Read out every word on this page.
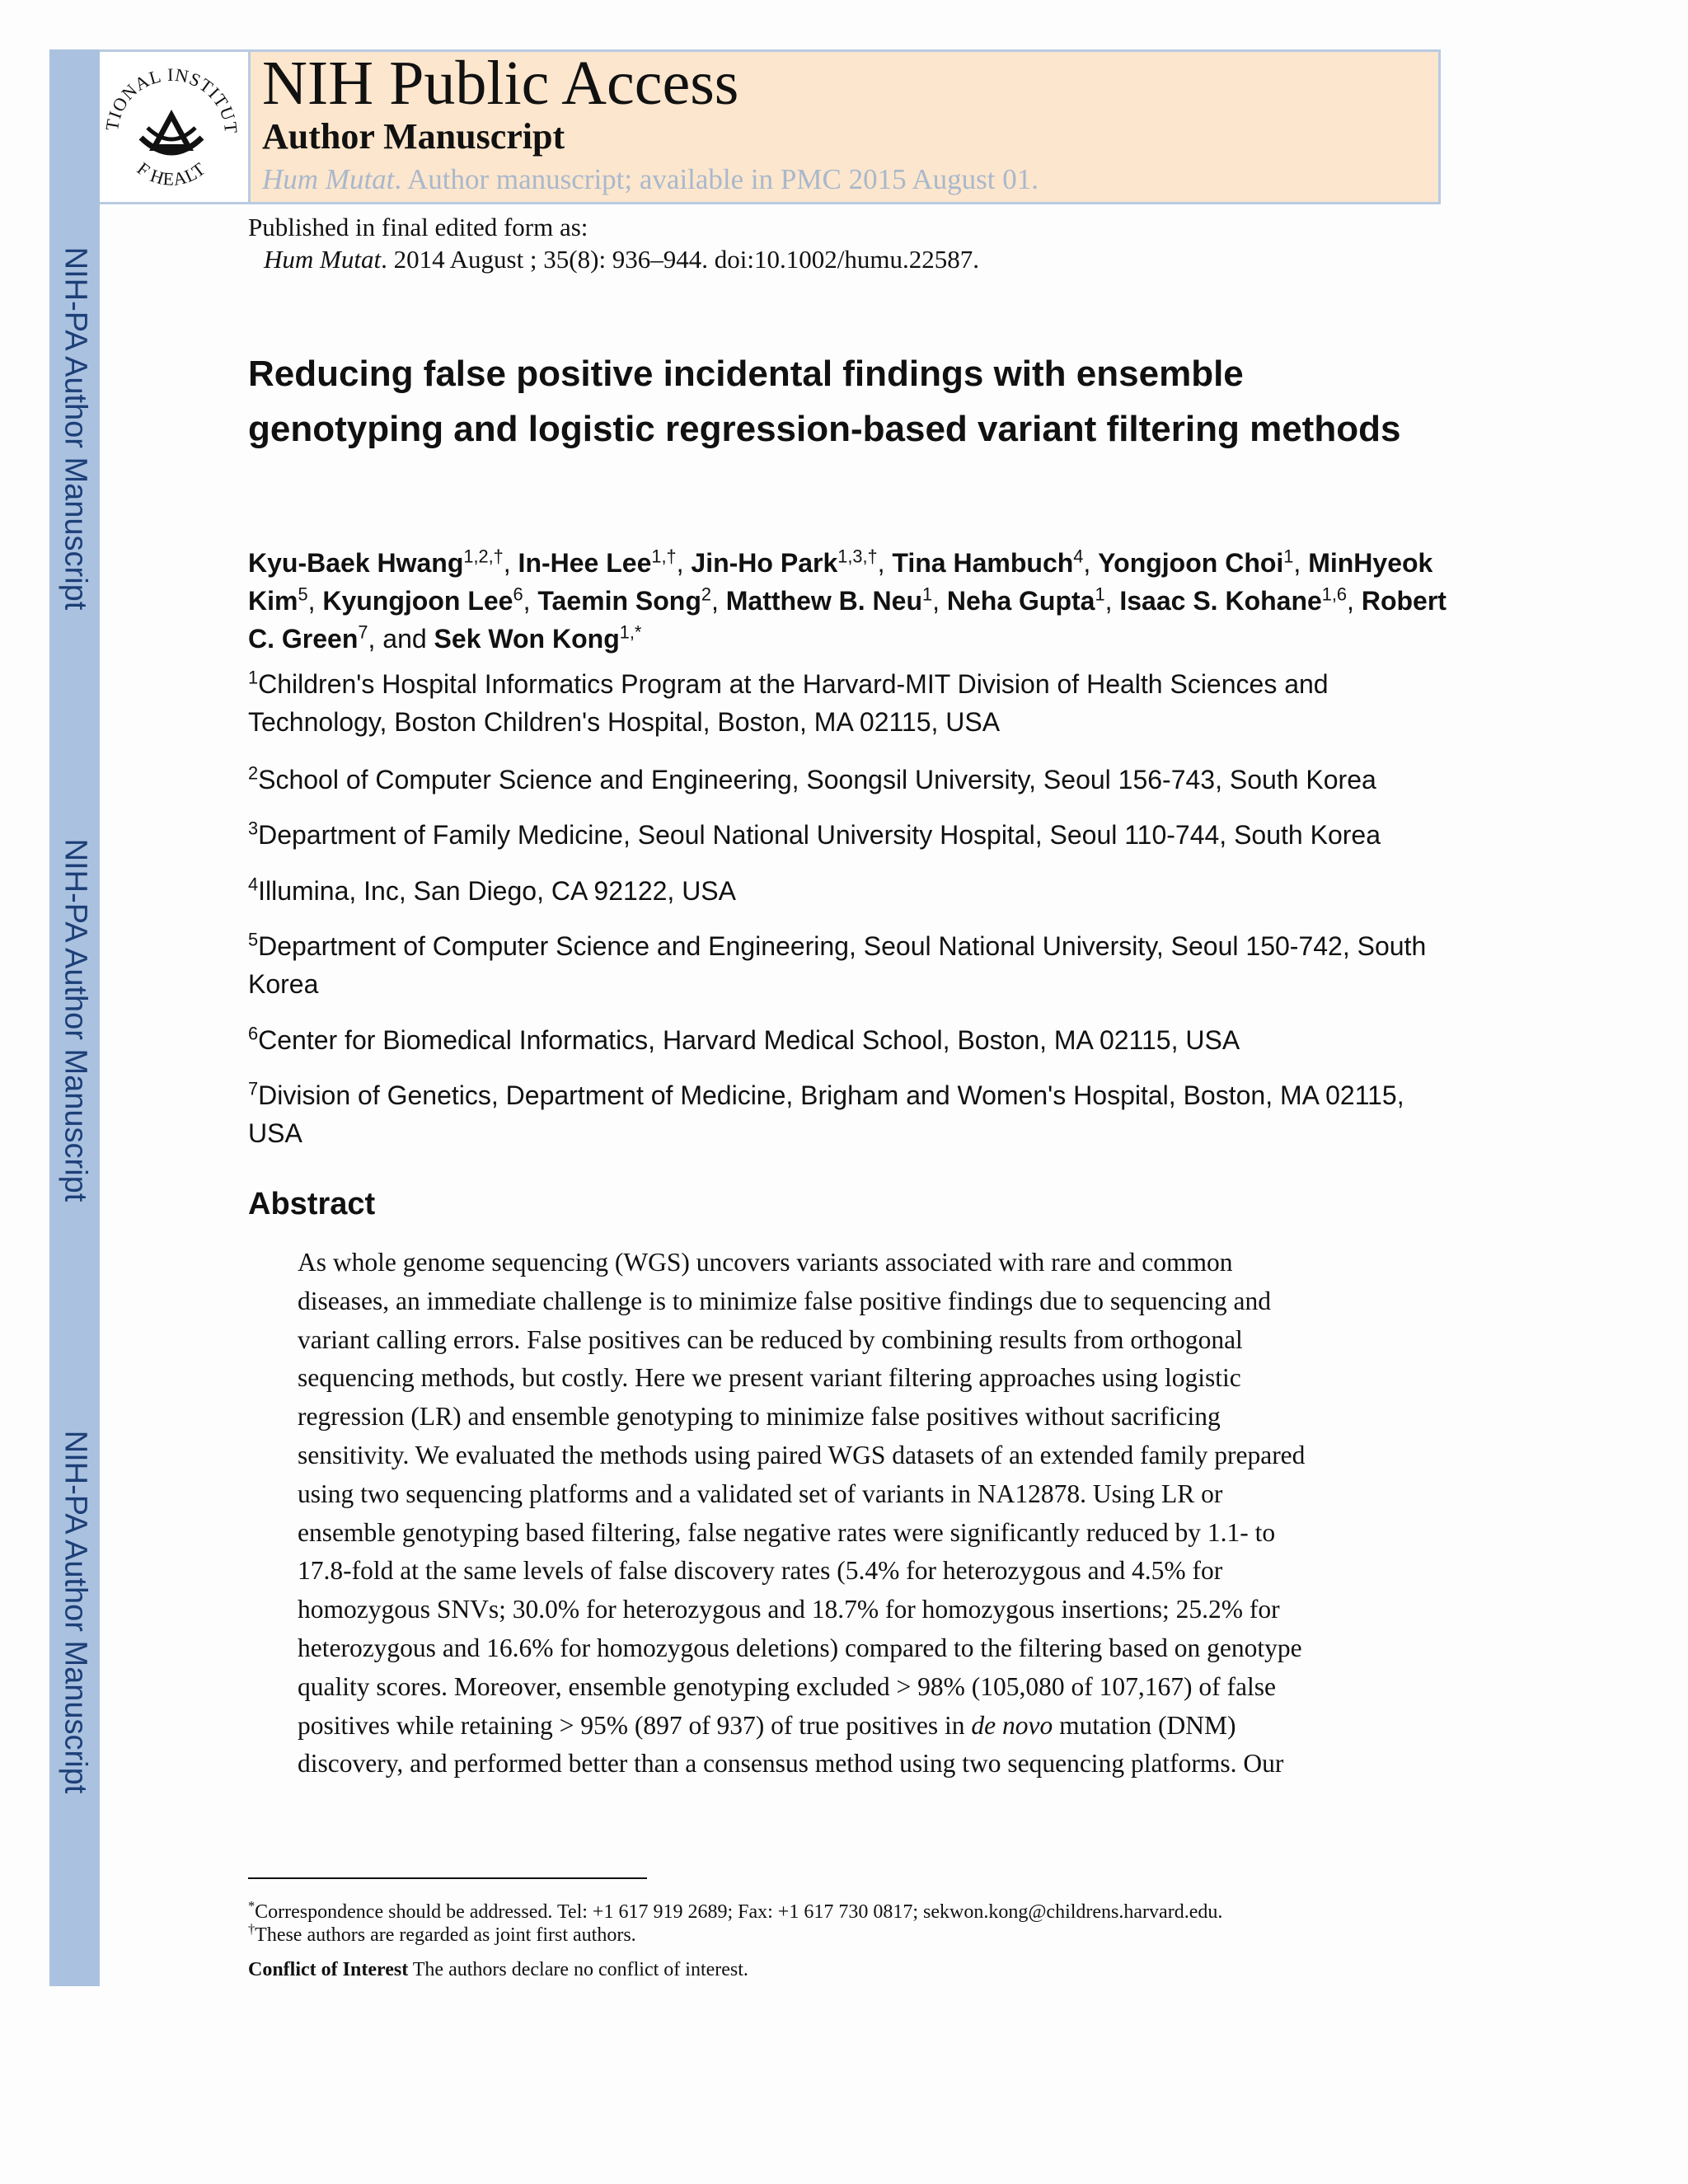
NIH-PA Author Manuscript
NIH-PA Author Manuscript
NIH-PA Author Manuscript
TIONAL INSTITUT
F HEALT
NIH Public Access
Author Manuscript
Hum Mutat. Author manuscript; available in PMC 2015 August 01.
Published in final edited form as:
Hum Mutat. 2014 August ; 35(8): 936–944. doi:10.1002/humu.22587.
Reducing false positive incidental findings with ensemble genotyping and logistic regression-based variant filtering methods
Kyu-Baek Hwang$^{1,2,\dagger}$, In-Hee Lee$^{1,\dagger}$, Jin-Ho Park$^{1,3,\dagger}$, Tina Hambuch$^4$, Yongjoon Choi$^1$, MinHyeok Kim$^5$, Kyungjoon Lee$^6$, Taemin Song$^2$, Matthew B. Neu$^1$, Neha Gupta$^1$, Isaac S. Kohane$^{1,6}$, Robert C. Green$^7$, and Sek Won Kong$^{1,*}$
$^1$Children's Hospital Informatics Program at the Harvard-MIT Division of Health Sciences and Technology, Boston Children's Hospital, Boston, MA 02115, USA
$^2$School of Computer Science and Engineering, Soongsil University, Seoul 156-743, South Korea
$^3$Department of Family Medicine, Seoul National University Hospital, Seoul 110-744, South Korea
$^4$Illumina, Inc, San Diego, CA 92122, USA
$^5$Department of Computer Science and Engineering, Seoul National University, Seoul 150-742, South Korea
$^6$Center for Biomedical Informatics, Harvard Medical School, Boston, MA 02115, USA
$^7$Division of Genetics, Department of Medicine, Brigham and Women's Hospital, Boston, MA 02115, USA
Abstract
As whole genome sequencing (WGS) uncovers variants associated with rare and common
diseases, an immediate challenge is to minimize false positive findings due to sequencing and
variant calling errors. False positives can be reduced by combining results from orthogonal
sequencing methods, but costly. Here we present variant filtering approaches using logistic
regression (LR) and ensemble genotyping to minimize false positives without sacrificing
sensitivity. We evaluated the methods using paired WGS datasets of an extended family prepared
using two sequencing platforms and a validated set of variants in NA12878. Using LR or
ensemble genotyping based filtering, false negative rates were significantly reduced by 1.1- to
17.8-fold at the same levels of false discovery rates (5.4% for heterozygous and 4.5% for
homozygous SNVs; 30.0% for heterozygous and 18.7% for homozygous insertions; 25.2% for
heterozygous and 16.6% for homozygous deletions) compared to the filtering based on genotype
quality scores. Moreover, ensemble genotyping excluded > 98% (105,080 of 107,167) of false
positives while retaining > 95% (897 of 937) of true positives in de novo mutation (DNM)
discovery, and performed better than a consensus method using two sequencing platforms. Our
*Correspondence should be addressed. Tel: +1 617 919 2689; Fax: +1 617 730 0817; sekwon.kong@childrens.harvard.edu.
†These authors are regarded as joint first authors.
Conflict of Interest The authors declare no conflict of interest.
